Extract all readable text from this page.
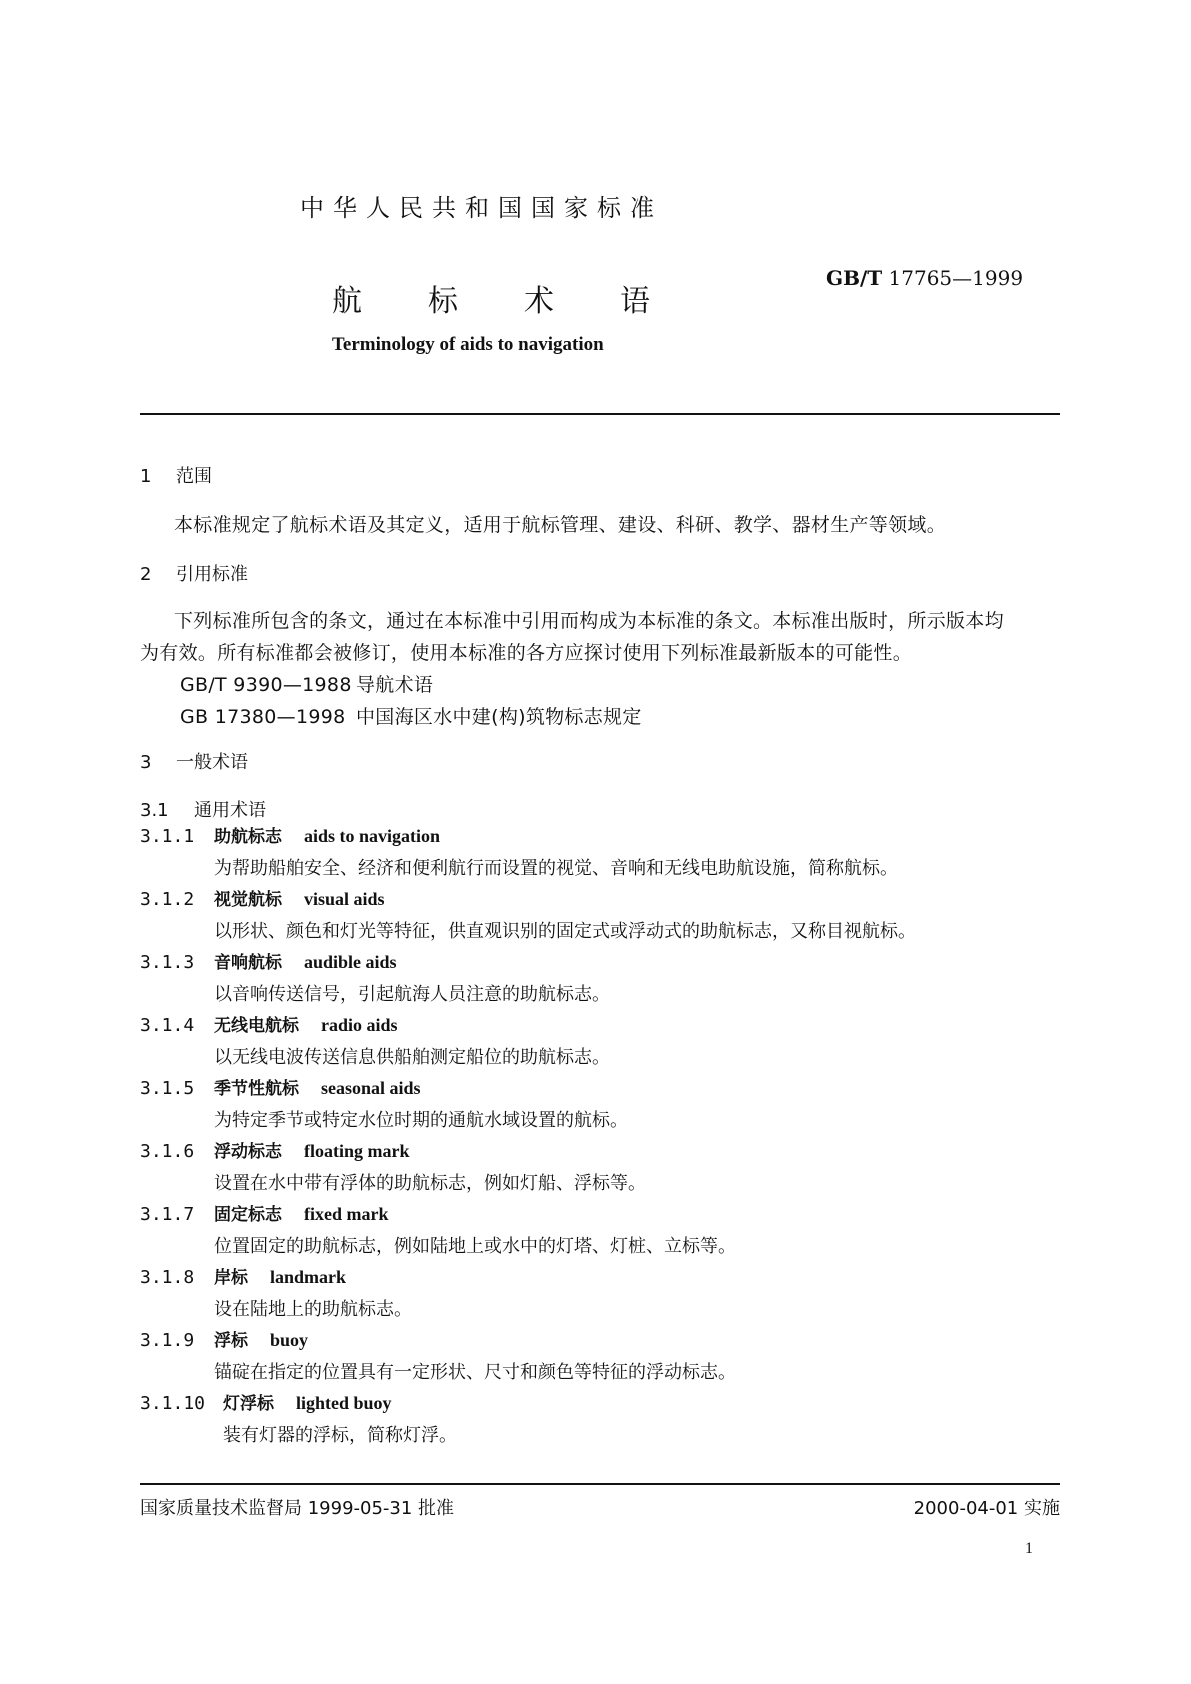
中华人民共和国国家标准
航 标 术 语
GB/T 17765—1999
Terminology of aids to navigation
1 范围
本标准规定了航标术语及其定义，适用于航标管理、建设、科研、教学、器材生产等领域。
2 引用标准
下列标准所包含的条文，通过在本标准中引用而构成为本标准的条文。本标准出版时，所示版本均
为有效。所有标准都会被修订，使用本标准的各方应探讨使用下列标准最新版本的可能性。
GB/T 9390—1988 导航术语
GB 17380—1998 中国海区水中建(构)筑物标志规定
3 一般术语
3.1 通用术语
3.1.1 助航标志 aids to navigation
为帮助船舶安全、经济和便利航行而设置的视觉、音响和无线电助航设施，简称航标。
3.1.2 视觉航标 visual aids
以形状、颜色和灯光等特征，供直观识别的固定式或浮动式的助航标志，又称目视航标。
3.1.3 音响航标 audible aids
以音响传送信号，引起航海人员注意的助航标志。
3.1.4 无线电航标 radio aids
以无线电波传送信息供船舶测定船位的助航标志。
3.1.5 季节性航标 seasonal aids
为特定季节或特定水位时期的通航水域设置的航标。
3.1.6 浮动标志 floating mark
设置在水中带有浮体的助航标志，例如灯船、浮标等。
3.1.7 固定标志 fixed mark
位置固定的助航标志，例如陆地上或水中的灯塔、灯桩、立标等。
3.1.8 岸标 landmark
设在陆地上的助航标志。
3.1.9 浮标 buoy
锚碇在指定的位置具有一定形状、尺寸和颜色等特征的浮动标志。
3.1.10 灯浮标 lighted buoy
装有灯器的浮标，简称灯浮。
国家质量技术监督局 1999-05-31 批准	2000-04-01 实施
1
